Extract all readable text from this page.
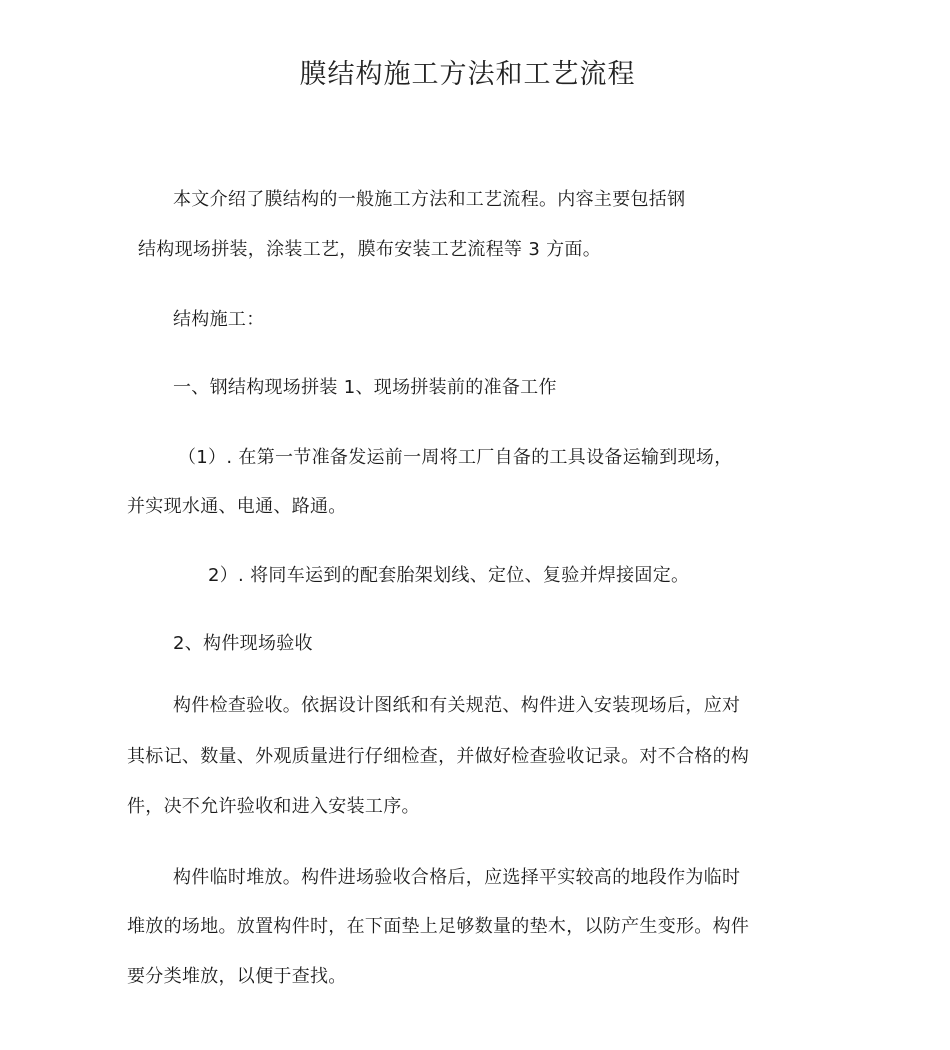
膜结构施工方法和工艺流程
本文介绍了膜结构的一般施工方法和工艺流程。内容主要包括钢
结构现场拼装，涂装工艺，膜布安装工艺流程等 3 方面。
结构施工：
一、钢结构现场拼装 1、现场拼装前的准备工作
（1）. 在第一节准备发运前一周将工厂自备的工具设备运输到现场，
并实现水通、电通、路通。
2）. 将同车运到的配套胎架划线、定位、复验并焊接固定。
2、构件现场验收
构件检查验收。依据设计图纸和有关规范、构件进入安装现场后，应对
其标记、数量、外观质量进行仔细检查，并做好检查验收记录。对不合格的构
件，决不允许验收和进入安装工序。
构件临时堆放。构件进场验收合格后，应选择平实较高的地段作为临时
堆放的场地。放置构件时，在下面垫上足够数量的垫木，以防产生变形。构件
要分类堆放，以便于查找。
